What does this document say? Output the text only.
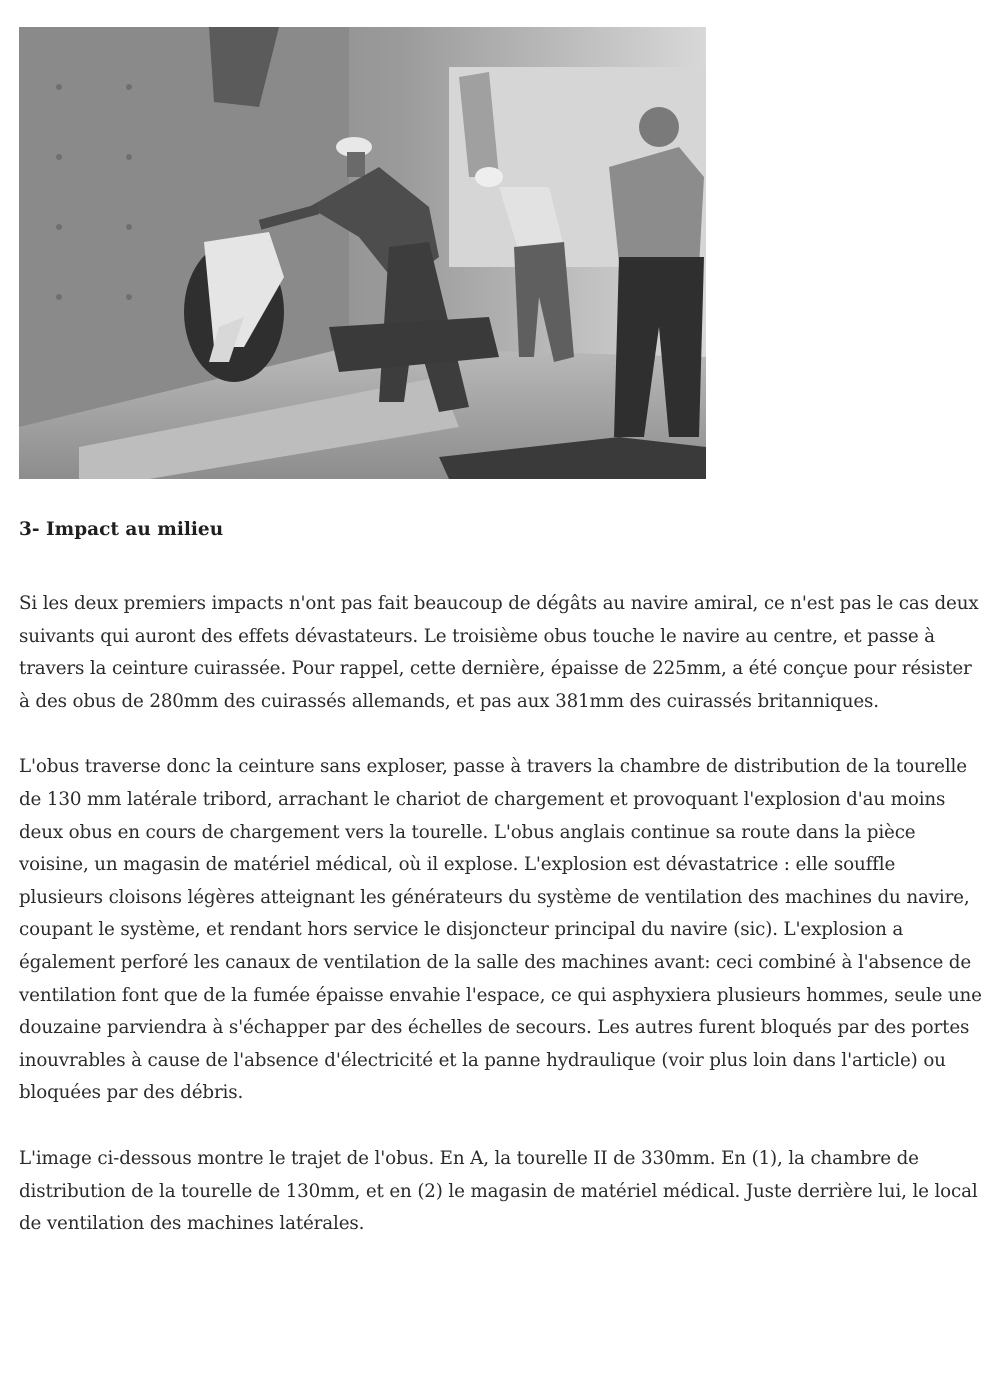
3- Impact au milieu

Si les deux premiers impacts n'ont pas fait beaucoup de dégâts au navire amiral, ce n'est pas le cas deux suivants qui auront des effets dévastateurs. Le troisième obus touche le navire au centre, et passe à travers la ceinture cuirassée. Pour rappel, cette dernière, épaisse de 225mm, a été conçue pour résister à des obus de 280mm des cuirassés allemands, et pas aux 381mm des cuirassés britanniques.

L'obus traverse donc la ceinture sans exploser, passe à travers la chambre de distribution de la tourelle de 130 mm latérale tribord, arrachant le chariot de chargement et provoquant l'explosion d'au moins deux obus en cours de chargement vers la tourelle. L'obus anglais continue sa route dans la pièce voisine, un magasin de matériel médical, où il explose. L'explosion est dévastatrice : elle souffle plusieurs cloisons légères atteignant les générateurs du système de ventilation des machines du navire, coupant le système, et rendant hors service le disjoncteur principal du navire (sic). L'explosion a également perforé les canaux de ventilation de la salle des machines avant: ceci combiné à l'absence de ventilation font que de la fumée épaisse envahie l'espace, ce qui asphyxiera plusieurs hommes, seule une douzaine parviendra à s'échapper par des échelles de secours. Les autres furent bloqués par des portes inouvrables à cause de l'absence d'électricité et la panne hydraulique (voir plus loin dans l'article) ou bloquées par des débris.

L'image ci-dessous montre le trajet de l'obus. En A, la tourelle II de 330mm. En (1), la chambre de distribution de la tourelle de 130mm, et en (2) le magasin de matériel médical. Juste derrière lui, le local de ventilation des machines latérales.
